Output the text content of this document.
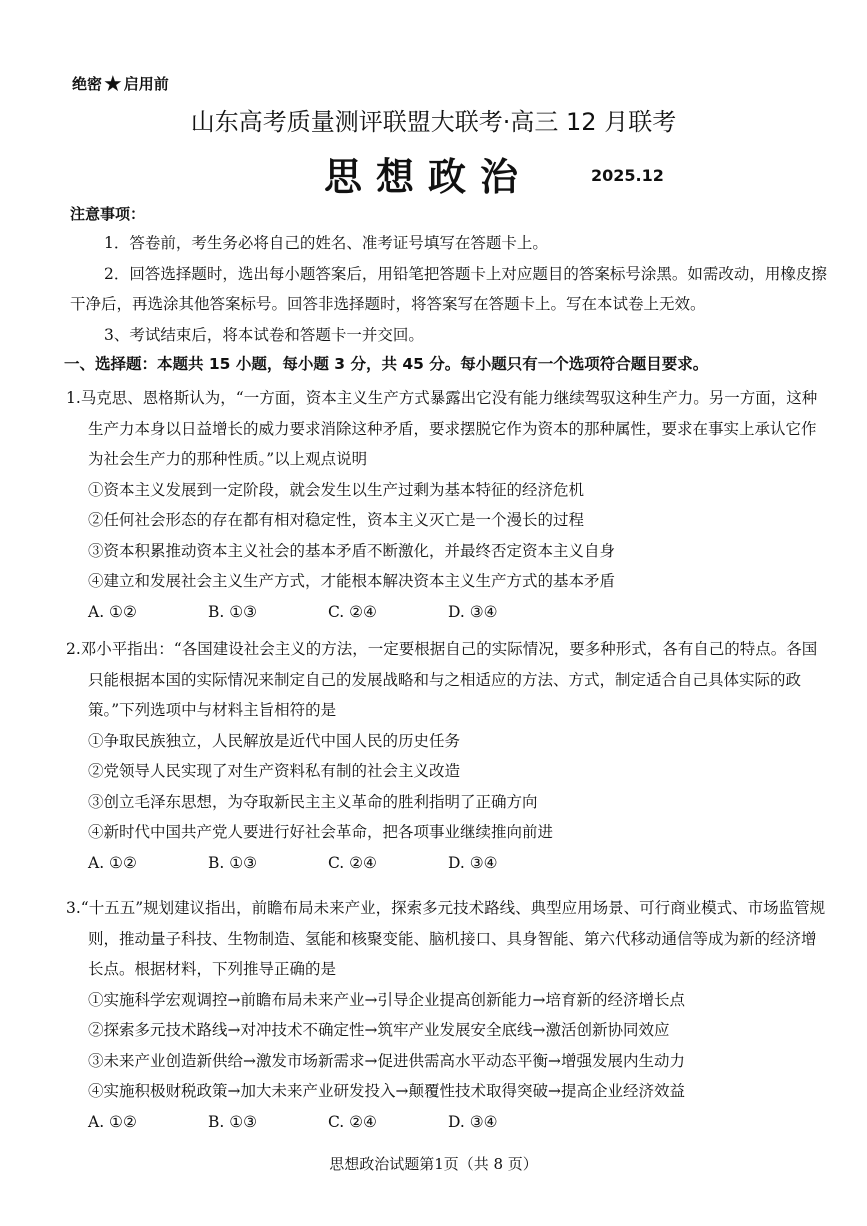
绝密★启用前
山东高考质量测评联盟大联考·高三 12 月联考
思想政治	2025.12
注意事项：
1．答卷前，考生务必将自己的姓名、准考证号填写在答题卡上。
2．回答选择题时，选出每小题答案后，用铅笔把答题卡上对应题目的答案标号涂黑。如需改动，用橡皮擦干净后，再选涂其他答案标号。回答非选择题时，将答案写在答题卡上。写在本试卷上无效。
3、考试结束后，将本试卷和答题卡一并交回。
一、选择题：本题共 15 小题，每小题 3 分，共 45 分。每小题只有一个选项符合题目要求。
1.马克思、恩格斯认为，“一方面，资本主义生产方式暴露出它没有能力继续驾驭这种生产力。另一方面，这种生产力本身以日益增长的威力要求消除这种矛盾，要求摆脱它作为资本的那种属性，要求在事实上承认它作为社会生产力的那种性质。”以上观点说明
①资本主义发展到一定阶段，就会发生以生产过剩为基本特征的经济危机
②任何社会形态的存在都有相对稳定性，资本主义灭亡是一个漫长的过程
③资本积累推动资本主义社会的基本矛盾不断激化，并最终否定资本主义自身
④建立和发展社会主义生产方式，才能根本解决资本主义生产方式的基本矛盾
A. ①②	B. ①③	C. ②④	D. ③④
2.邓小平指出：“各国建设社会主义的方法，一定要根据自己的实际情况，要多种形式，各有自己的特点。各国只能根据本国的实际情况来制定自己的发展战略和与之相适应的方法、方式，制定适合自己具体实际的政策。”下列选项中与材料主旨相符的是
①争取民族独立，人民解放是近代中国人民的历史任务
②党领导人民实现了对生产资料私有制的社会主义改造
③创立毛泽东思想，为夺取新民主主义革命的胜利指明了正确方向
④新时代中国共产党人要进行好社会革命，把各项事业继续推向前进
A. ①②	B. ①③	C. ②④	D. ③④
3.“十五五”规划建议指出，前瞻布局未来产业，探索多元技术路线、典型应用场景、可行商业模式、市场监管规则，推动量子科技、生物制造、氢能和核聚变能、脑机接口、具身智能、第六代移动通信等成为新的经济增长点。根据材料，下列推导正确的是
①实施科学宏观调控→前瞻布局未来产业→引导企业提高创新能力→培育新的经济增长点
②探索多元技术路线→对冲技术不确定性→筑牢产业发展安全底线→激活创新协同效应
③未来产业创造新供给→激发市场新需求→促进供需高水平动态平衡→增强发展内生动力
④实施积极财税政策→加大未来产业研发投入→颠覆性技术取得突破→提高企业经济效益
A. ①②	B. ①③	C. ②④	D. ③④
思想政治试题第1页（共 8 页）
